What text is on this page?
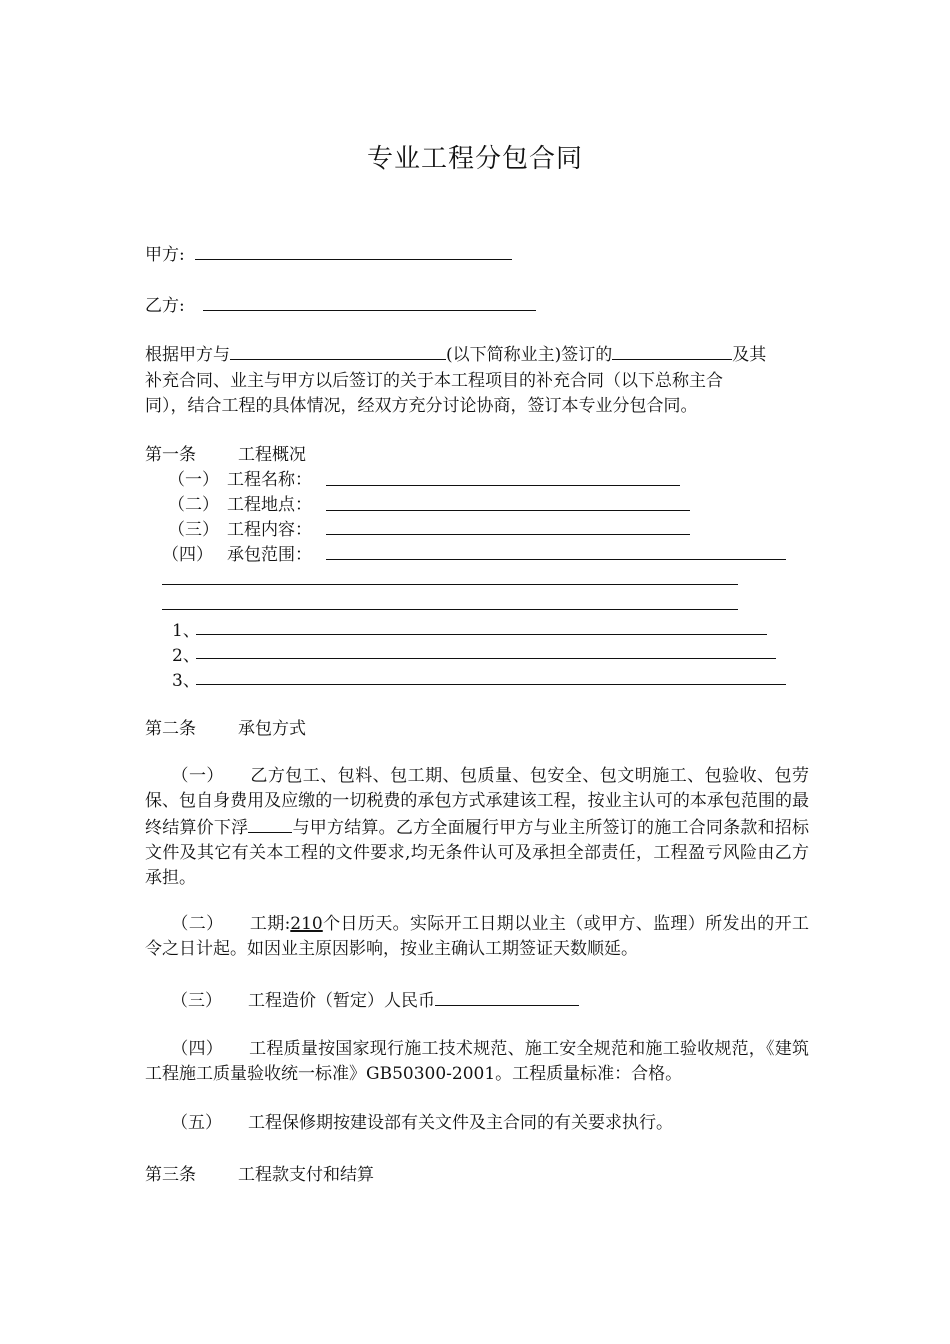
专业工程分包合同
甲方:
乙方:
根据甲方与	(以下简称业主)签订的	及其
补充合同、业主与甲方以后签订的关于本工程项目的补充合同（以下总称主合
同），结合工程的具体情况，经双方充分讨论协商，签订本专业分包合同。
第一条 工程概况
（一） 工程名称：
（二） 工程地点：
（三） 工程内容：
（四） 承包范围：
1、
2、
3、
第二条 承包方式
（一） 乙方包工、包料、包工期、包质量、包安全、包文明施工、包验收、包劳保、包自身费用及应缴的一切税费的承包方式承建该工程，按业主认可的本承包范围的最终结算价下浮	与甲方结算。乙方全面履行甲方与业主所签订的施工合同条款和招标文件及其它有关本工程的文件要求,均无条件认可及承担全部责任，工程盈亏风险由乙方承担。
（二） 工期:210个日历天。实际开工日期以业主（或甲方、监理）所发出的开工令之日计起。如因业主原因影响，按业主确认工期签证天数顺延。
（三） 工程造价（暂定）人民币
（四） 工程质量按国家现行施工技术规范、施工安全规范和施工验收规范，《建筑工程施工质量验收统一标准》GB50300-2001。工程质量标准：合格。
（五） 工程保修期按建设部有关文件及主合同的有关要求执行。
第三条 工程款支付和结算
